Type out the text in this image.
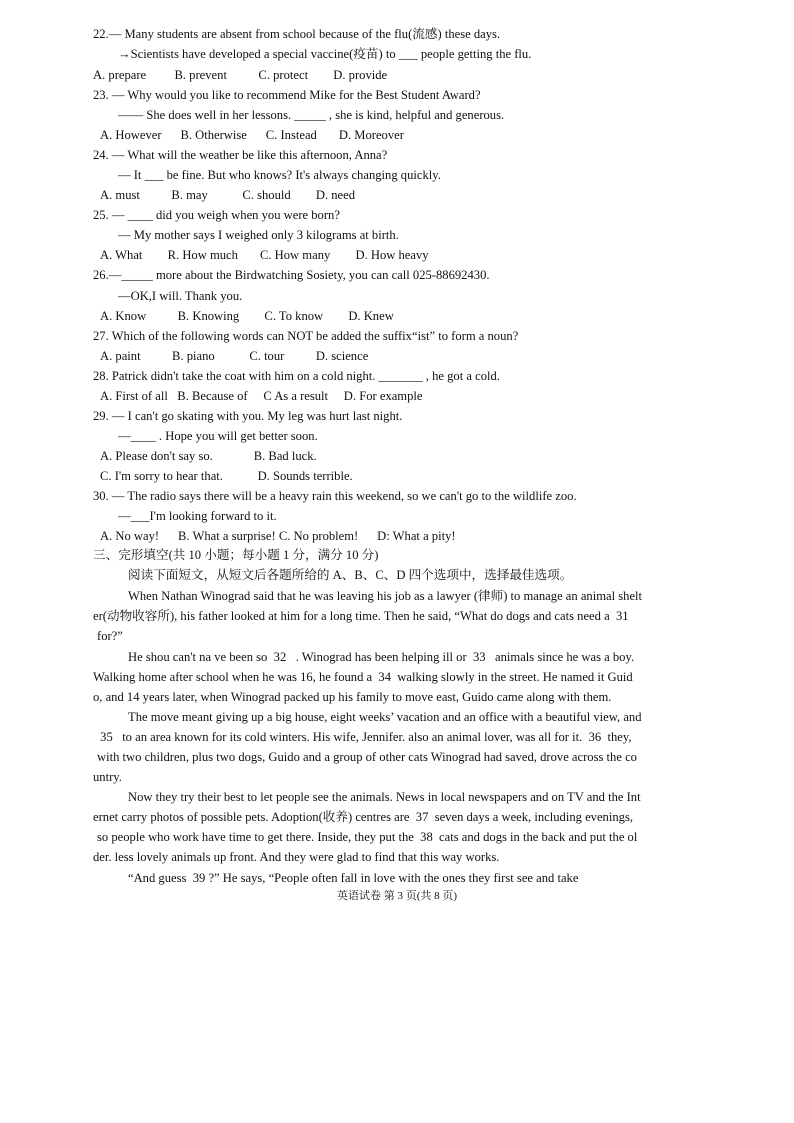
英语试卷 第 3 页(共 8 页)
22.— Many students are absent from school because of the flu(流感) these days.
→Scientists have developed a special vaccine(疫苗) to ___ people getting the flu.
A. prepare         B. prevent          C. protect        D. provide
23. — Why would you like to recommend Mike for the Best Student Award?
—— She does well in her lessons. _____ , she is kind, helpful and generous.
A. However      B. Otherwise      C. Instead       D. Moreover
24. — What will the weather be like this afternoon, Anna?
— It ___ be fine. But who knows? It's always changing quickly.
A. must          B. may           C. should        D. need
25. — ____ did you weigh when you were born?
— My mother says I weighed only 3 kilograms at birth.
A. What        R. How much       C. How many        D. How heavy
26.—_____ more about the Birdwatching Sosiety, you can call 025-88692430.
—OK,I will. Thank you.
A. Know          B. Knowing        C. To know        D. Knew
27. Which of the following words can NOT be added the suffix“ist” to form a noun?
A. paint          B. piano           C. tour          D. science
28. Patrick didn't take the coat with him on a cold night. _______ , he got a cold.
A. First of all   B. Because of     C As a result     D. For example
29. — I can't go skating with you. My leg was hurt last night.
—____ . Hope you will get better soon.
A. Please don't say so.             B. Bad luck.
C. I'm sorry to hear that.           D. Sounds terrible.
30. — The radio says there will be a heavy rain this weekend, so we can't go to the wildlife zoo.
—___I'm looking forward to it.
A. No way!      B. What a surprise! C. No problem!      D: What a pity!
三、完形填空(共 10 小题；每小题 1 分，满分 10 分)
阅读下面短文，从短文后各题所给的 A、B、C、D 四个选项中，选择最佳选项。
When Nathan Winograd said that he was leaving his job as a lawyer (律师) to manage an animal shelt
er(动物收容所), his father looked at him for a long time. Then he said, “What do dogs and cats need a  31
for?”
He shou can't na ve been so  32   . Winograd has been helping ill or  33   animals since he was a boy.
Walking home after school when he was 16, he found a  34  walking slowly in the street. He named it Guid
o, and 14 years later, when Winograd packed up his family to move east, Guido came along with them.
The move meant giving up a big house, eight weeks’ vacation and an office with a beautiful view, and
35   to an area known for its cold winters. His wife, Jennifer. also an animal lover, was all for it.  36  they,
with two children, plus two dogs, Guido and a group of other cats Winograd had saved, drove across the co
untry.
Now they try their best to let people see the animals. News in local newspapers and on TV and the Int
ernet carry photos of possible pets. Adoption(收养) centres are  37  seven days a week, including evenings,
so people who work have time to get there. Inside, they put the  38  cats and dogs in the back and put the ol
der. less lovely animals up front. And they were glad to find that this way works.
“And guess  39 ?” He says, “People often fall in love with the ones they first see and take
